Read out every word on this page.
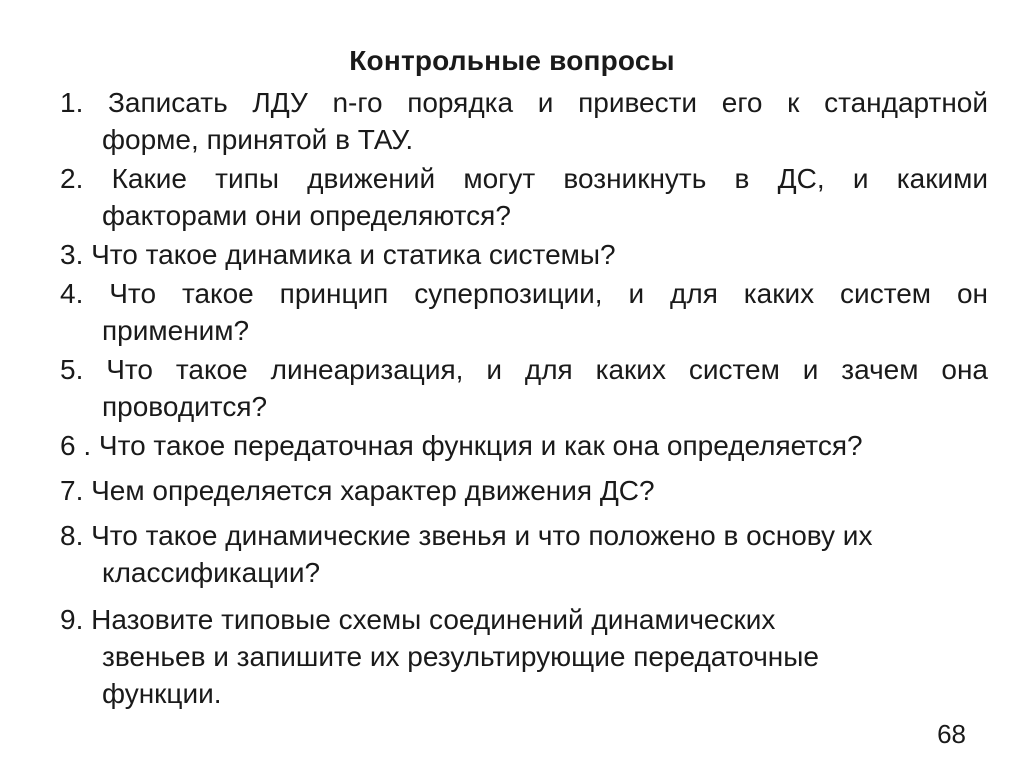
Контрольные вопросы
1. Записать ЛДУ n-го порядка и привести его к стандартной
форме, принятой в ТАУ.
2. Какие типы движений могут возникнуть в ДС, и какими
факторами они определяются?
3. Что такое динамика и статика системы?
4. Что такое принцип суперпозиции, и для каких систем он
применим?
5. Что такое линеаризация, и для каких систем и зачем она
проводится?
6 . Что такое передаточная функция и как она определяется?
7. Чем определяется характер движения ДС?
8. Что такое динамические звенья и что положено в основу их
классификации?
9. Назовите типовые схемы соединений динамических
звеньев и запишите их результирующие передаточные
функции.
68
